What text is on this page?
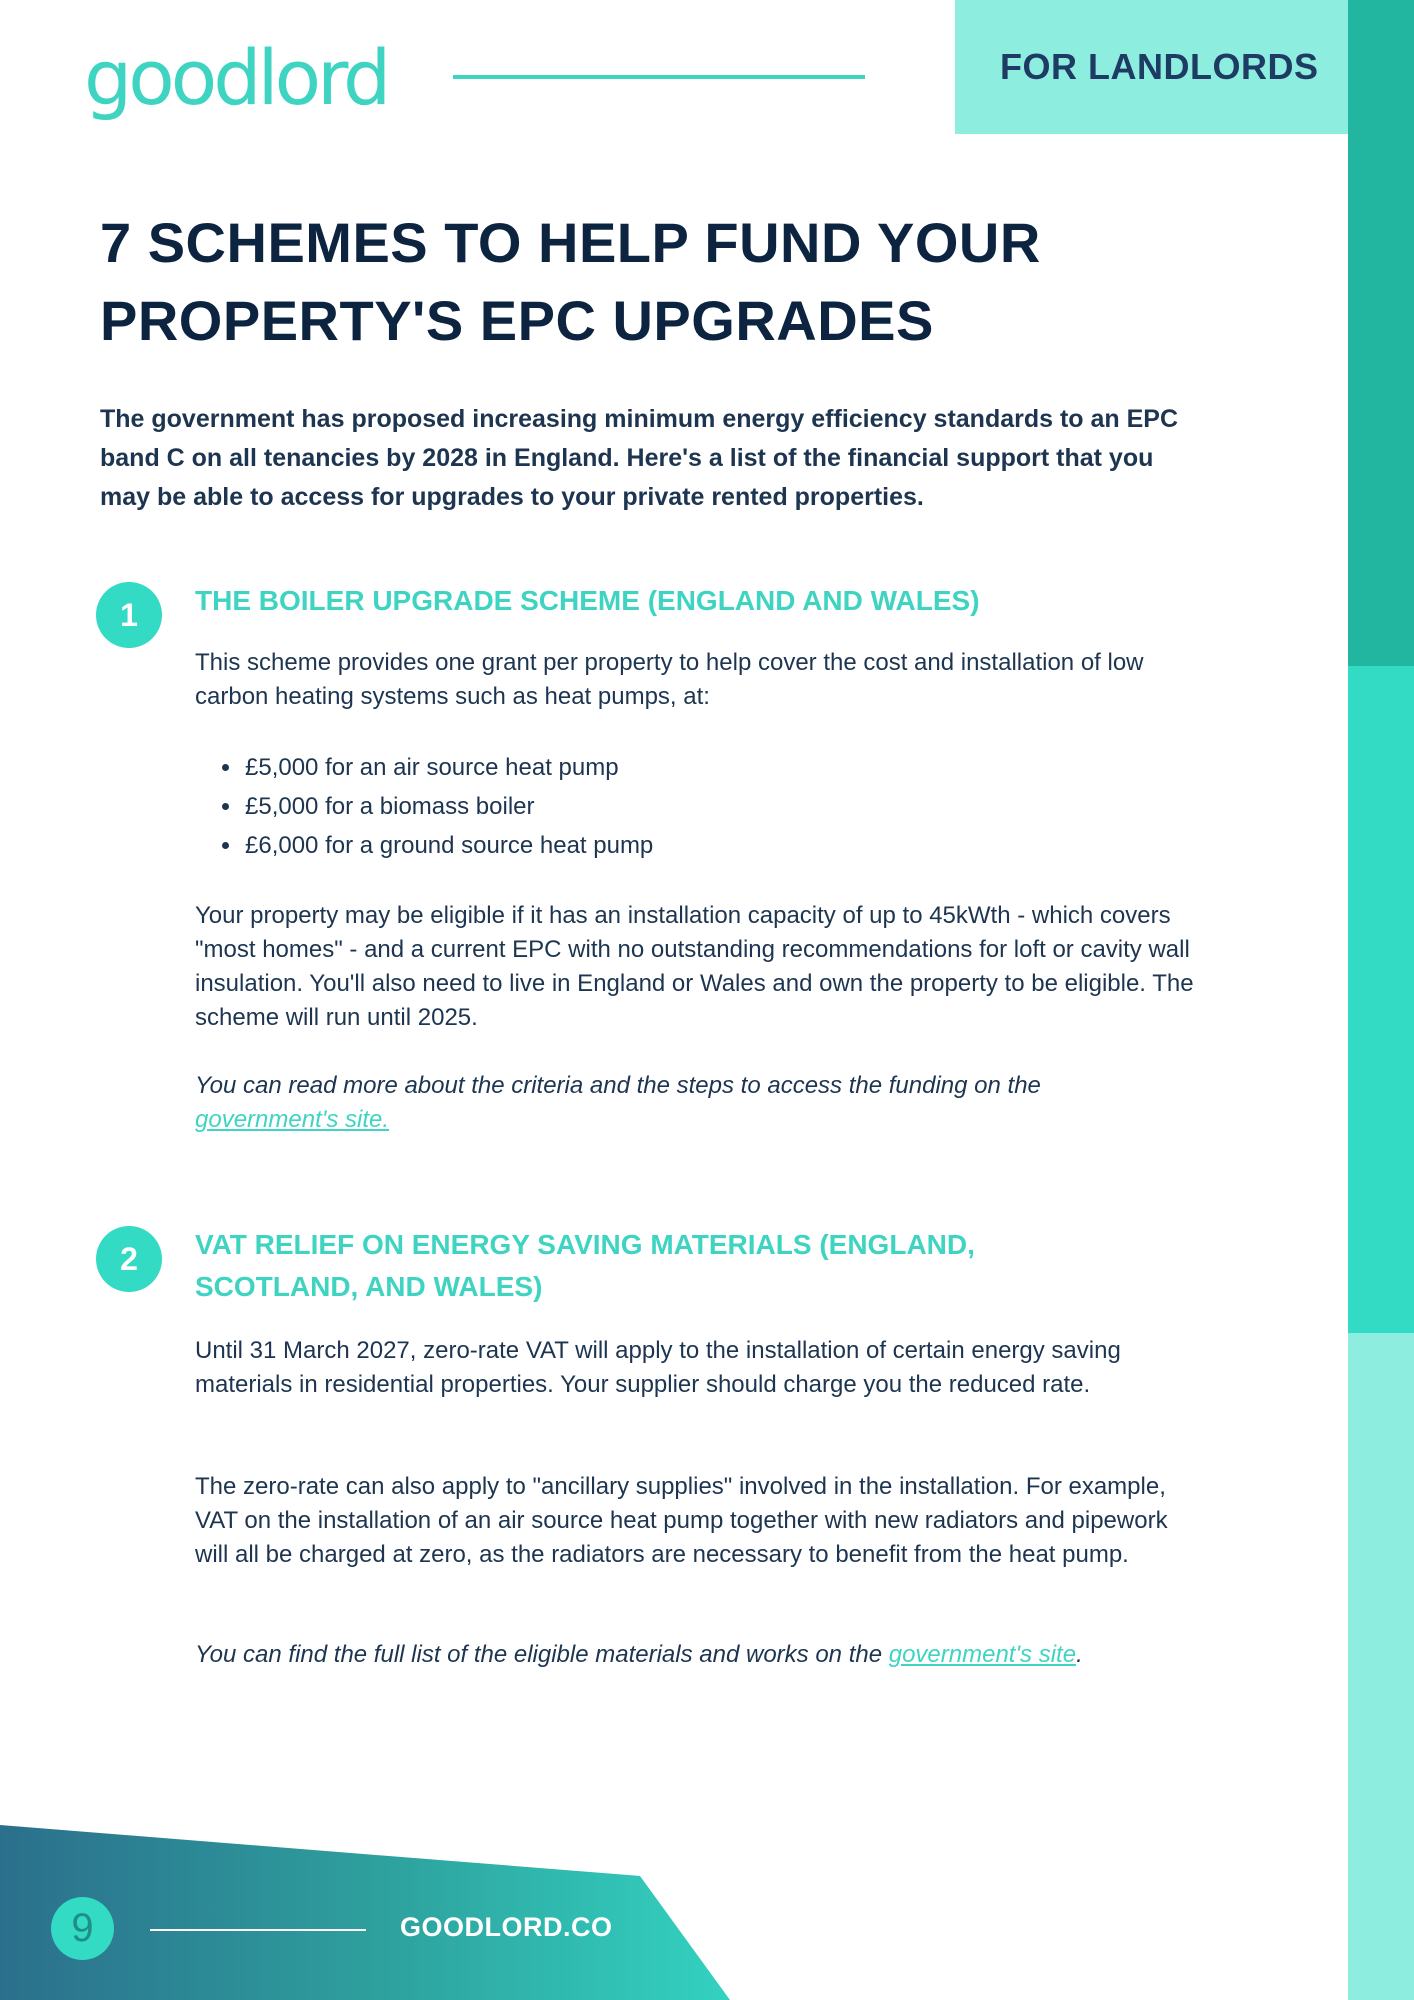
goodlord	FOR LANDLORDS
7 SCHEMES TO HELP FUND YOUR PROPERTY'S EPC UPGRADES

The government has proposed increasing minimum energy efficiency standards to an EPC band C on all tenancies by 2028 in England. Here's a list of the financial support that you may be able to access for upgrades to your private rented properties.

1	THE BOILER UPGRADE SCHEME (ENGLAND AND WALES)

This scheme provides one grant per property to help cover the cost and installation of low carbon heating systems such as heat pumps, at:

• £5,000 for an air source heat pump
• £5,000 for a biomass boiler
• £6,000 for a ground source heat pump

Your property may be eligible if it has an installation capacity of up to 45kWth - which covers "most homes" - and a current EPC with no outstanding recommendations for loft or cavity wall insulation. You'll also need to live in England or Wales and own the property to be eligible. The scheme will run until 2025.

You can read more about the criteria and the steps to access the funding on the
government's site.

2	VAT RELIEF ON ENERGY SAVING MATERIALS (ENGLAND, SCOTLAND, AND WALES)

Until 31 March 2027, zero-rate VAT will apply to the installation of certain energy saving materials in residential properties. Your supplier should charge you the reduced rate.

The zero-rate can also apply to "ancillary supplies" involved in the installation. For example, VAT on the installation of an air source heat pump together with new radiators and pipework will all be charged at zero, as the radiators are necessary to benefit from the heat pump.

You can find the full list of the eligible materials and works on the government's site.

9	GOODLORD.CO
